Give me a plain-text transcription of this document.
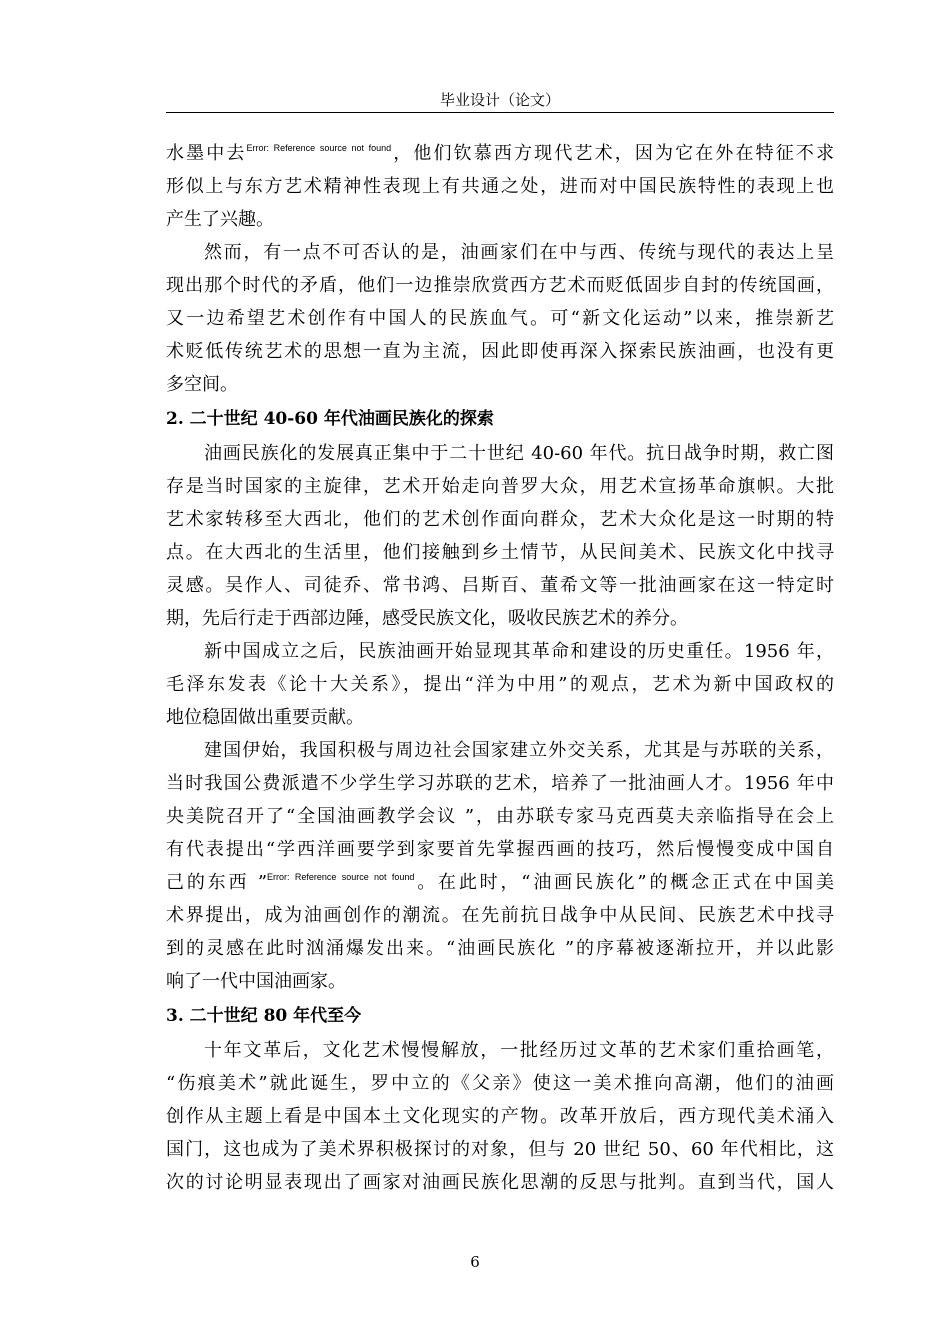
毕业设计（论文）
水墨中去$^{Error: Reference source not found}$，他们钦慕西方现代艺术，因为它在外在特征不求
形似上与东方艺术精神性表现上有共通之处，进而对中国民族特性的表现上也
产生了兴趣。
然而，有一点不可否认的是，油画家们在中与西、传统与现代的表达上呈
现出那个时代的矛盾，他们一边推崇欣赏西方艺术而贬低固步自封的传统国画，
又一边希望艺术创作有中国人的民族血气。可“新文化运动”以来，推崇新艺
术贬低传统艺术的思想一直为主流，因此即使再深入探索民族油画，也没有更
多空间。
2. 二十世纪 40-60 年代油画民族化的探索
油画民族化的发展真正集中于二十世纪 40-60 年代。抗日战争时期，救亡图
存是当时国家的主旋律，艺术开始走向普罗大众，用艺术宣扬革命旗帜。大批
艺术家转移至大西北，他们的艺术创作面向群众，艺术大众化是这一时期的特
点。在大西北的生活里，他们接触到乡土情节，从民间美术、民族文化中找寻
灵感。吴作人、司徒乔、常书鸿、吕斯百、董希文等一批油画家在这一特定时
期，先后行走于西部边陲，感受民族文化，吸收民族艺术的养分。
新中国成立之后，民族油画开始显现其革命和建设的历史重任。1956 年，
毛泽东发表《论十大关系》，提出“洋为中用”的观点，艺术为新中国政权的
地位稳固做出重要贡献。
建国伊始，我国积极与周边社会国家建立外交关系，尤其是与苏联的关系，
当时我国公费派遣不少学生学习苏联的艺术，培养了一批油画人才。1956 年中
央美院召开了“全国油画教学会议 ”，由苏联专家马克西莫夫亲临指导在会上
有代表提出“学西洋画要学到家要首先掌握西画的技巧，然后慢慢变成中国自
己的东西 ”$^{Error: Reference source not found}$。在此时，“油画民族化”的概念正式在中国美
术界提出，成为油画创作的潮流。在先前抗日战争中从民间、民族艺术中找寻
到的灵感在此时汹涌爆发出来。“油画民族化 ”的序幕被逐渐拉开，并以此影
响了一代中国油画家。
3. 二十世纪 80 年代至今
十年文革后，文化艺术慢慢解放，一批经历过文革的艺术家们重拾画笔，
“伤痕美术”就此诞生，罗中立的《父亲》使这一美术推向高潮，他们的油画
创作从主题上看是中国本土文化现实的产物。改革开放后，西方现代美术涌入
国门，这也成为了美术界积极探讨的对象，但与 20 世纪 50、60 年代相比，这
次的讨论明显表现出了画家对油画民族化思潮的反思与批判。直到当代，国人
6
